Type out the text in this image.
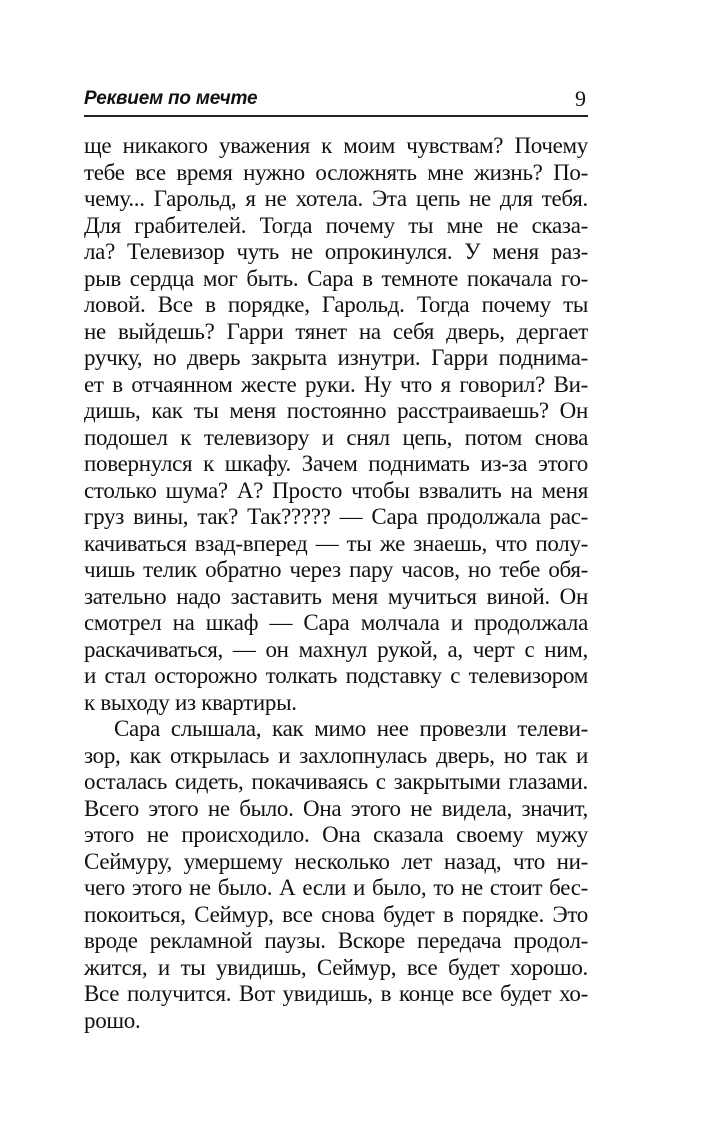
Реквием по мечте	9
ще никакого уважения к моим чувствам? Почему
тебе все время нужно осложнять мне жизнь? По-
чему... Гарольд, я не хотела. Эта цепь не для тебя.
Для грабителей. Тогда почему ты мне не сказа-
ла? Телевизор чуть не опрокинулся. У меня раз-
рыв сердца мог быть. Сара в темноте покачала го-
ловой. Все в порядке, Гарольд. Тогда почему ты
не выйдешь? Гарри тянет на себя дверь, дергает
ручку, но дверь закрыта изнутри. Гарри поднима-
ет в отчаянном жесте руки. Ну что я говорил? Ви-
дишь, как ты меня постоянно расстраиваешь? Он
подошел к телевизору и снял цепь, потом снова
повернулся к шкафу. Зачем поднимать из-за этого
столько шума? А? Просто чтобы взвалить на меня
груз вины, так? Так????? — Сара продолжала рас-
качиваться взад-вперед — ты же знаешь, что полу-
чишь телик обратно через пару часов, но тебе обя-
зательно надо заставить меня мучиться виной. Он
смотрел на шкаф — Сара молчала и продолжала
раскачиваться, — он махнул рукой, а, черт с ним,
и стал осторожно толкать подставку с телевизором
к выходу из квартиры.
Сара слышала, как мимо нее провезли телеви-
зор, как открылась и захлопнулась дверь, но так и
осталась сидеть, покачиваясь с закрытыми глазами.
Всего этого не было. Она этого не видела, значит,
этого не происходило. Она сказала своему мужу
Сеймуру, умершему несколько лет назад, что ни-
чего этого не было. А если и было, то не стоит бес-
покоиться, Сеймур, все снова будет в порядке. Это
вроде рекламной паузы. Вскоре передача продол-
жится, и ты увидишь, Сеймур, все будет хорошо.
Все получится. Вот увидишь, в конце все будет хо-
рошо.
